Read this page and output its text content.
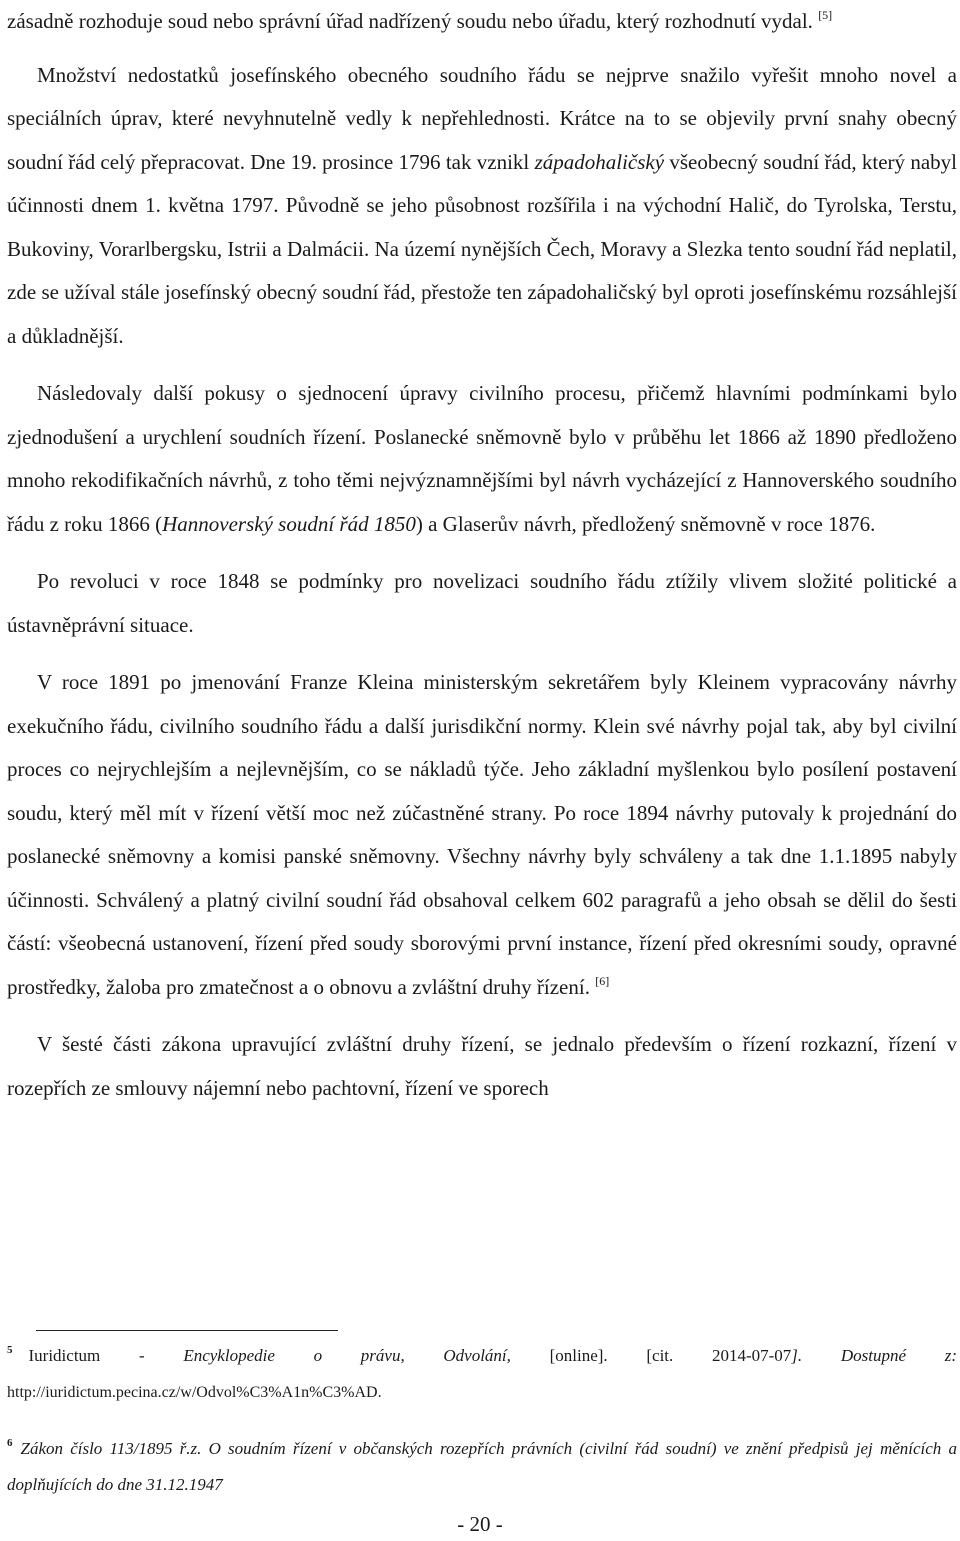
zásadně rozhoduje soud nebo správní úřad nadřízený soudu nebo úřadu, který rozhodnutí vydal. [5]

Množství nedostatků josefínského obecného soudního řádu se nejprve snažilo vyřešit mnoho novel a speciálních úprav, které nevyhnutelně vedly k nepřehlednosti. Krátce na to se objevily první snahy obecný soudní řád celý přepracovat. Dne 19. prosince 1796 tak vznikl západohaličský všeobecný soudní řád, který nabyl účinnosti dnem 1. května 1797. Původně se jeho působnost rozšířila i na východní Halič, do Tyrolska, Terstu, Bukoviny, Vorarlbergsku, Istrii a Dalmácii. Na území nynějších Čech, Moravy a Slezka tento soudní řád neplatil, zde se užíval stále josefínský obecný soudní řád, přestože ten západohaličský byl oproti josefínskému rozsáhlejší a důkladnější.

Následovaly další pokusy o sjednocení úpravy civilního procesu, přičemž hlavními podmínkami bylo zjednodušení a urychlení soudních řízení. Poslanecké sněmovně bylo v průběhu let 1866 až 1890 předloženo mnoho rekodifikačních návrhů, z toho těmi nejvýznamnějšími byl návrh vycházející z Hannoverského soudního řádu z roku 1866 (Hannoverský soudní řád 1850) a Glaserův návrh, předložený sněmovně v roce 1876.

Po revoluci v roce 1848 se podmínky pro novelizaci soudního řádu ztížily vlivem složité politické a ústavněprávní situace.

V roce 1891 po jmenování Franze Kleina ministerským sekretářem byly Kleinem vypracovány návrhy exekučního řádu, civilního soudního řádu a další jurisdikční normy. Klein své návrhy pojal tak, aby byl civilní proces co nejrychlejším a nejlevnějším, co se nákladů týče. Jeho základní myšlenkou bylo posílení postavení soudu, který měl mít v řízení větší moc než zúčastněné strany. Po roce 1894 návrhy putovaly k projednání do poslanecké sněmovny a komisi panské sněmovny. Všechny návrhy byly schváleny a tak dne 1.1.1895 nabyly účinnosti. Schválený a platný civilní soudní řád obsahoval celkem 602 paragrafů a jeho obsah se dělil do šesti částí: všeobecná ustanovení, řízení před soudy sborovými první instance, řízení před okresními soudy, opravné prostředky, žaloba pro zmatečnost a o obnovu a zvláštní druhy řízení. [6]

V šesté části zákona upravující zvláštní druhy řízení, se jednalo především o řízení rozkazní, řízení v rozepřích ze smlouvy nájemní nebo pachtovní, řízení ve sporech

$^5$ Iuridictum - Encyklopedie o právu, Odvolání, [online]. [cit. 2014-07-07]. Dostupné z: http://iuridictum.pecina.cz/w/Odvol%C3%A1n%C3%AD.

$^6$ Zákon číslo 113/1895 ř.z. O soudním řízení v občanských rozepřích právních (civilní řád soudní) ve znění předpisů jej měnících a doplňujících do dne 31.12.1947

- 20 -
